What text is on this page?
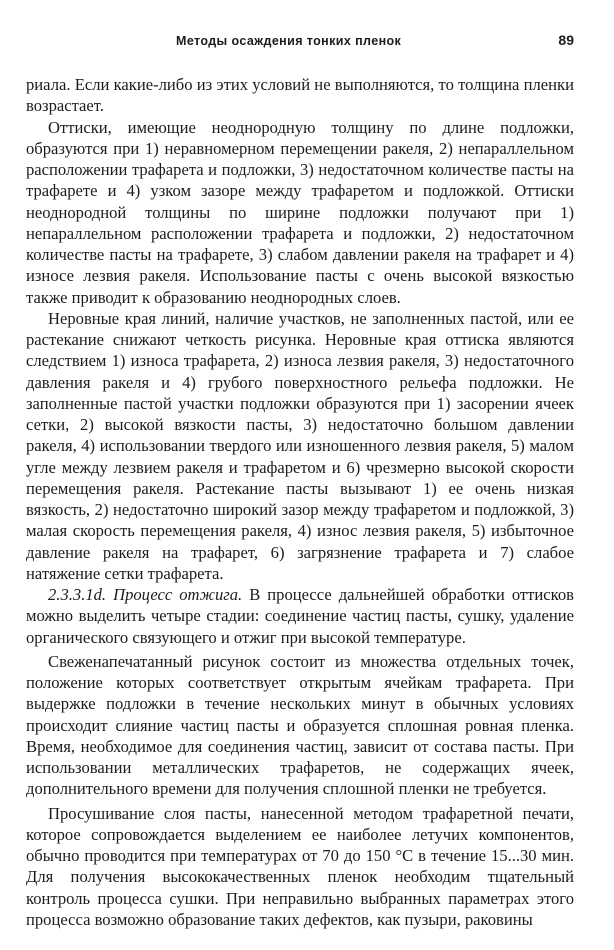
Методы осаждения тонких пленок	89

риала. Если какие-либо из этих условий не выполняются, то толщина пленки возрастает.

Оттиски, имеющие неоднородную толщину по длине подложки, образуются при 1) неравномерном перемещении ракеля, 2) непараллельном расположении трафарета и подложки, 3) недостаточном количестве пасты на трафарете и 4) узком зазоре между трафаретом и подложкой. Оттиски неоднородной толщины по ширине подложки получают при 1) непараллельном расположении трафарета и подложки, 2) недостаточном количестве пасты на трафарете, 3) слабом давлении ракеля на трафарет и 4) износе лезвия ракеля. Использование пасты с очень высокой вязкостью также приводит к образованию неоднородных слоев.

Неровные края линий, наличие участков, не заполненных пастой, или ее растекание снижают четкость рисунка. Неровные края оттиска являются следствием 1) износа трафарета, 2) износа лезвия ракеля, 3) недостаточного давления ракеля и 4) грубого поверхностного рельефа подложки. Не заполненные пастой участки подложки образуются при 1) засорении ячеек сетки, 2) высокой вязкости пасты, 3) недостаточно большом давлении ракеля, 4) использовании твердого или изношенного лезвия ракеля, 5) малом угле между лезвием ракеля и трафаретом и 6) чрезмерно высокой скорости перемещения ракеля. Растекание пасты вызывают 1) ее очень низкая вязкость, 2) недостаточно широкий зазор между трафаретом и подложкой, 3) малая скорость перемещения ракеля, 4) износ лезвия ракеля, 5) избыточное давление ракеля на трафарет, 6) загрязнение трафарета и 7) слабое натяжение сетки трафарета.

2.3.3.1d. Процесс отжига. В процессе дальнейшей обработки оттисков можно выделить четыре стадии: соединение частиц пасты, сушку, удаление органического связующего и отжиг при высокой температуре.

Свеженапечатанный рисунок состоит из множества отдельных точек, положение которых соответствует открытым ячейкам трафарета. При выдержке подложки в течение нескольких минут в обычных условиях происходит слияние частиц пасты и образуется сплошная ровная пленка. Время, необходимое для соединения частиц, зависит от состава пасты. При использовании металлических трафаретов, не содержащих ячеек, дополнительного времени для получения сплошной пленки не требуется.

Просушивание слоя пасты, нанесенной методом трафаретной печати, которое сопровождается выделением ее наиболее летучих компонентов, обычно проводится при температурах от 70 до 150 °C в течение 15...30 мин. Для получения высококачественных пленок необходим тщательный контроль процесса сушки. При неправильно выбранных параметрах этого процесса возможно образование таких дефектов, как пузыри, раковины
